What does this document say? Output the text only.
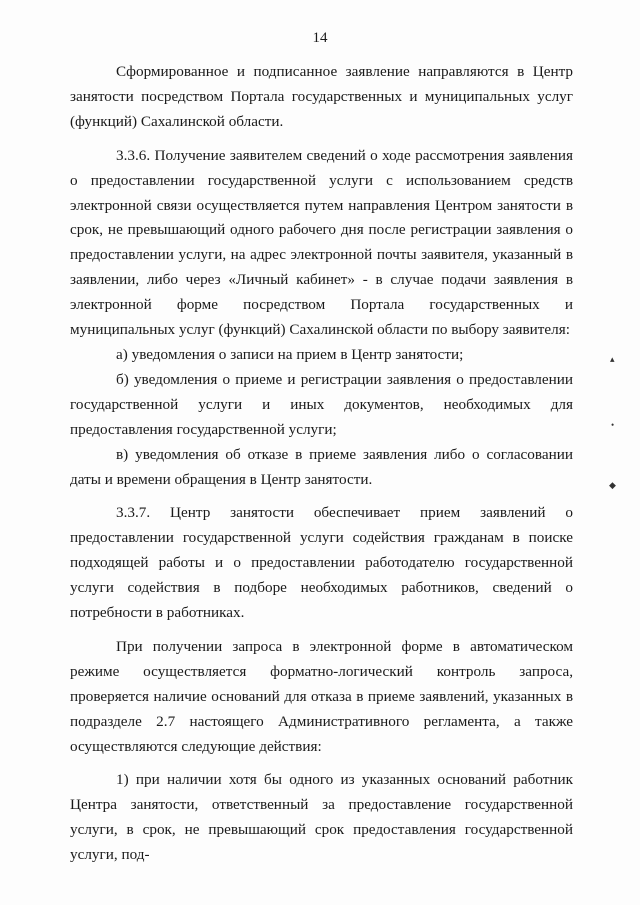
14

Сформированное и подписанное заявление направляются в Центр занятости посредством Портала государственных и муниципальных услуг (функций) Сахалинской области.

3.3.6. Получение заявителем сведений о ходе рассмотрения заявления о предоставлении государственной услуги с использованием средств электронной связи осуществляется путем направления Центром занятости в срок, не превышающий одного рабочего дня после регистрации заявления о предоставлении услуги, на адрес электронной почты заявителя, указанный в заявлении, либо через «Личный кабинет» - в случае подачи заявления в электронной форме посредством Портала государственных и муниципальных услуг (функций) Сахалинской области по выбору заявителя:

а) уведомления о записи на прием в Центр занятости;

б) уведомления о приеме и регистрации заявления о предоставлении государственной услуги и иных документов, необходимых для предоставления государственной услуги;

в) уведомления об отказе в приеме заявления либо о согласовании даты и времени обращения в Центр занятости.

3.3.7. Центр занятости обеспечивает прием заявлений о предоставлении государственной услуги содействия гражданам в поиске подходящей работы и о предоставлении работодателю государственной услуги содействия в подборе необходимых работников, сведений о потребности в работниках.

При получении запроса в электронной форме в автоматическом режиме осуществляется форматно-логический контроль запроса, проверяется наличие оснований для отказа в приеме заявлений, указанных в подразделе 2.7 настоящего Административного регламента, а также осуществляются следующие действия:

1) при наличии хотя бы одного из указанных оснований работник Центра занятости, ответственный за предоставление государственной услуги, в срок, не превышающий срок предоставления государственной услуги, под-

▴
•
◆
